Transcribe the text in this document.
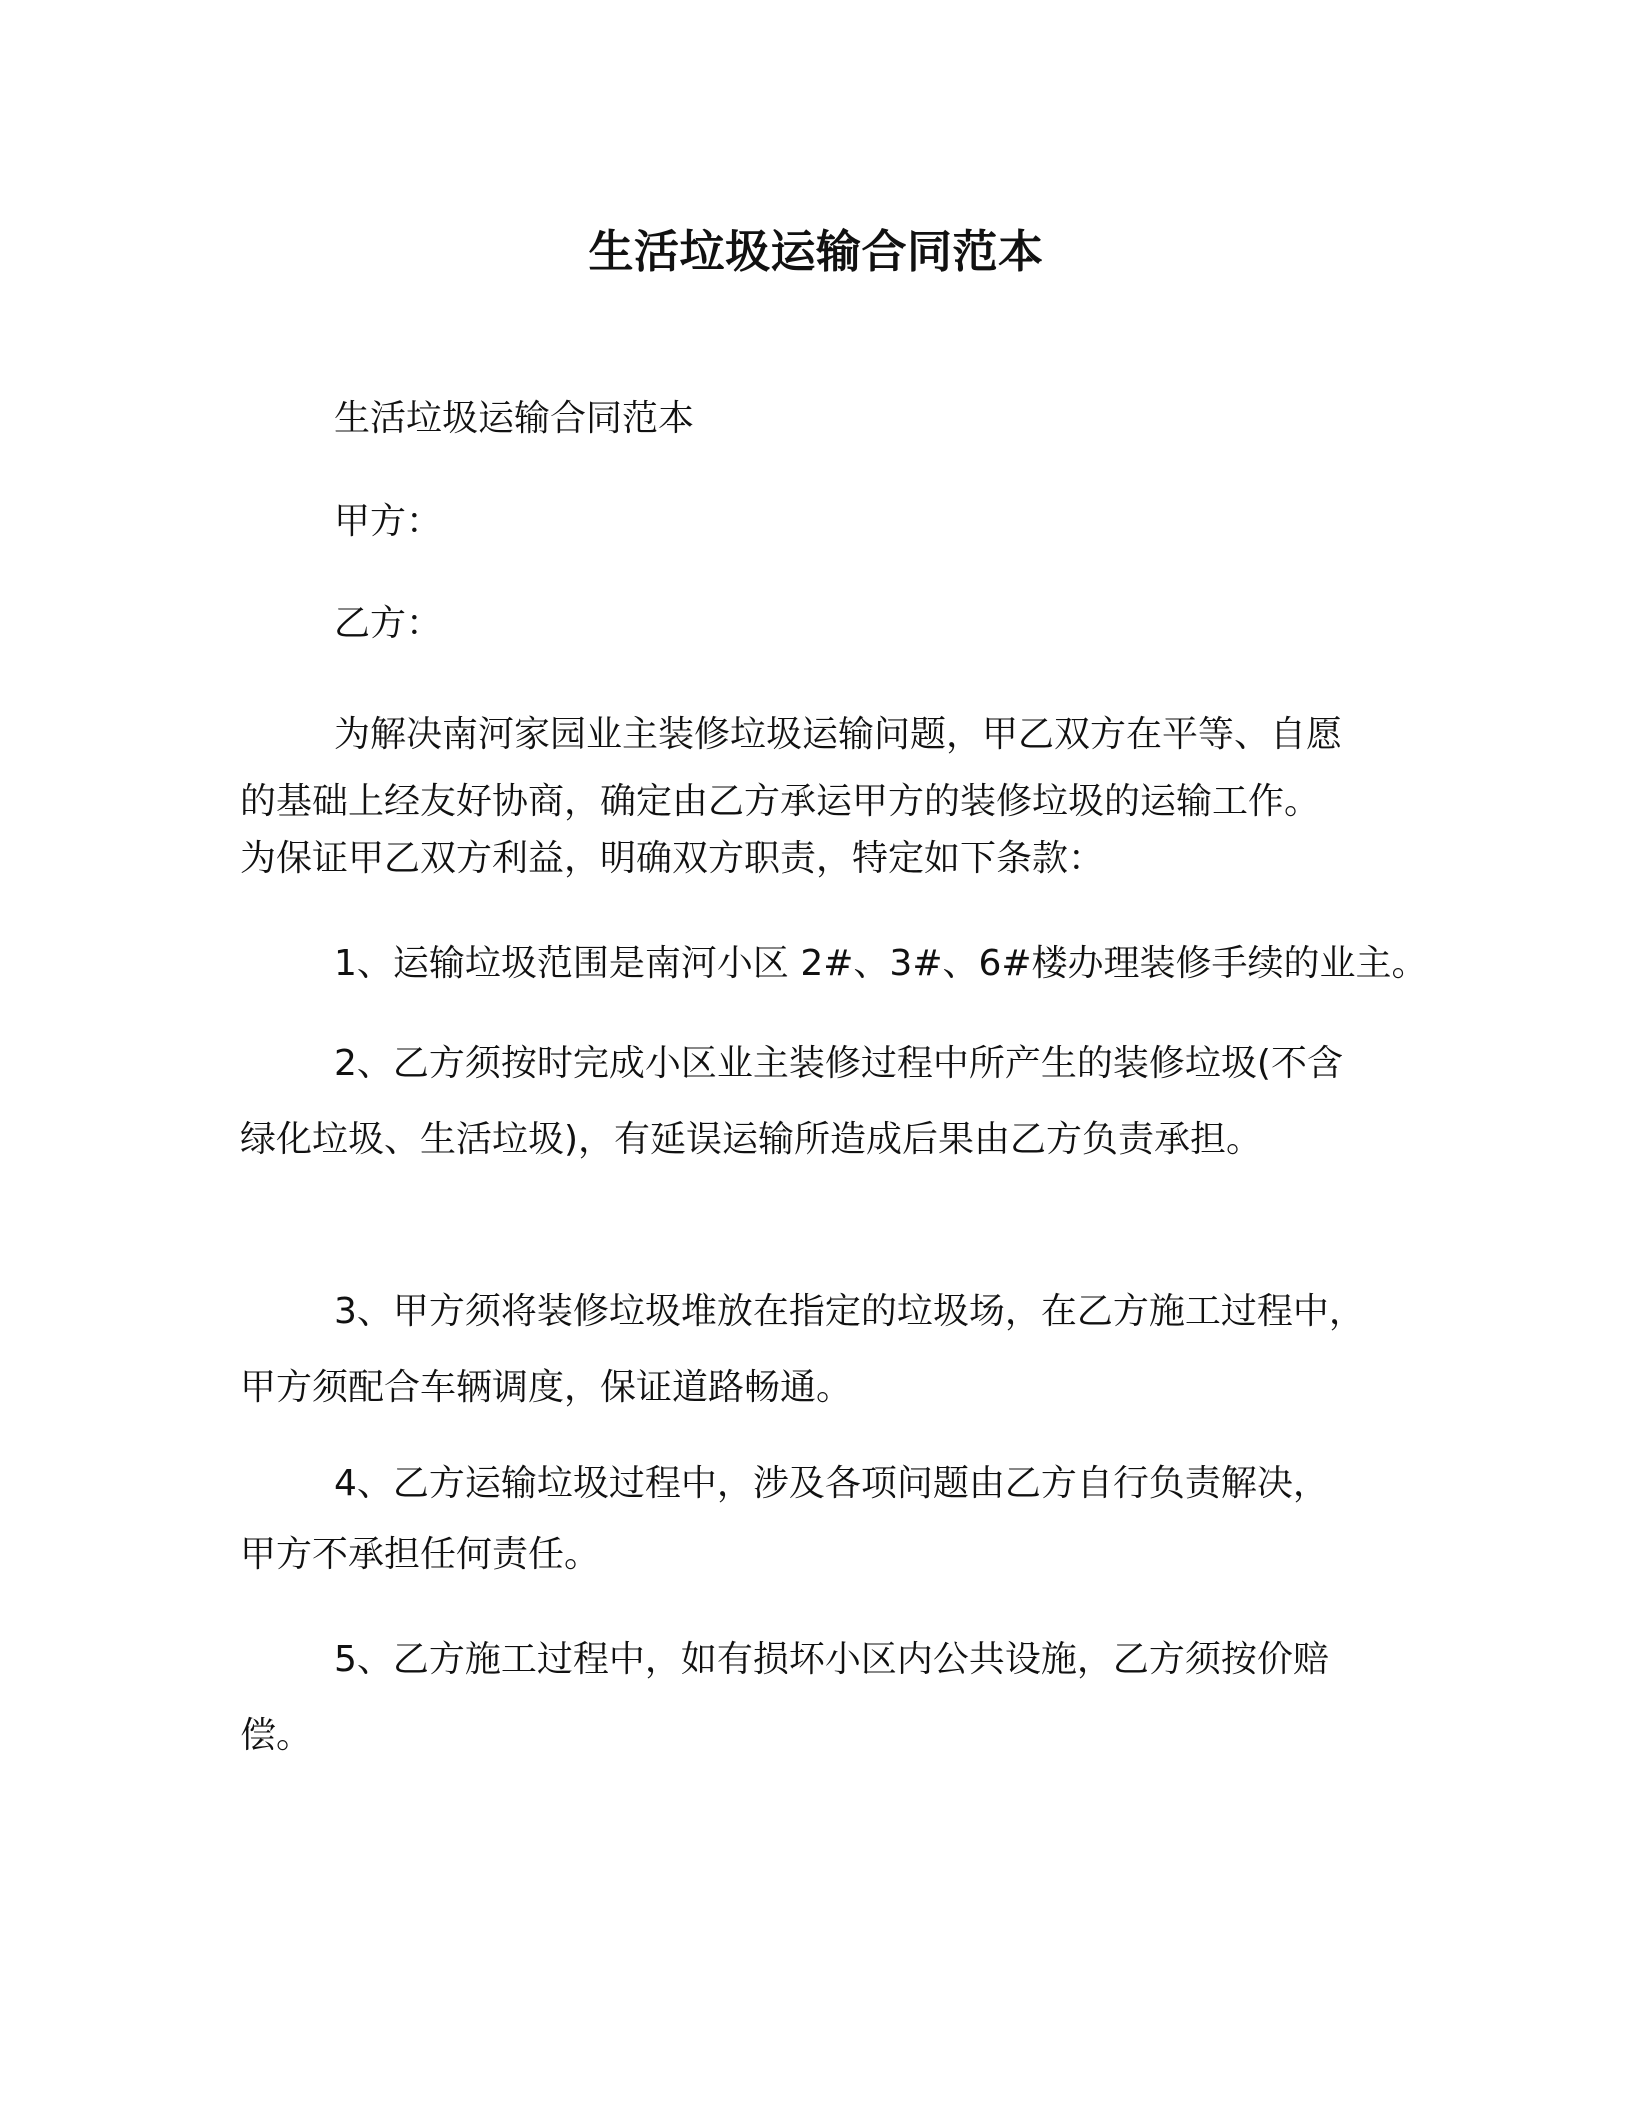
生活垃圾运输合同范本
生活垃圾运输合同范本
甲方：
乙方：
为解决南河家园业主装修垃圾运输问题，甲乙双方在平等、自愿
的基础上经友好协商，确定由乙方承运甲方的装修垃圾的运输工作。
为保证甲乙双方利益，明确双方职责，特定如下条款：
1、运输垃圾范围是南河小区 2#、3#、6#楼办理装修手续的业主。
2、乙方须按时完成小区业主装修过程中所产生的装修垃圾(不含
绿化垃圾、生活垃圾)，有延误运输所造成后果由乙方负责承担。
3、甲方须将装修垃圾堆放在指定的垃圾场，在乙方施工过程中，
甲方须配合车辆调度，保证道路畅通。
4、乙方运输垃圾过程中，涉及各项问题由乙方自行负责解决，
甲方不承担任何责任。
5、乙方施工过程中，如有损坏小区内公共设施，乙方须按价赔
偿。
